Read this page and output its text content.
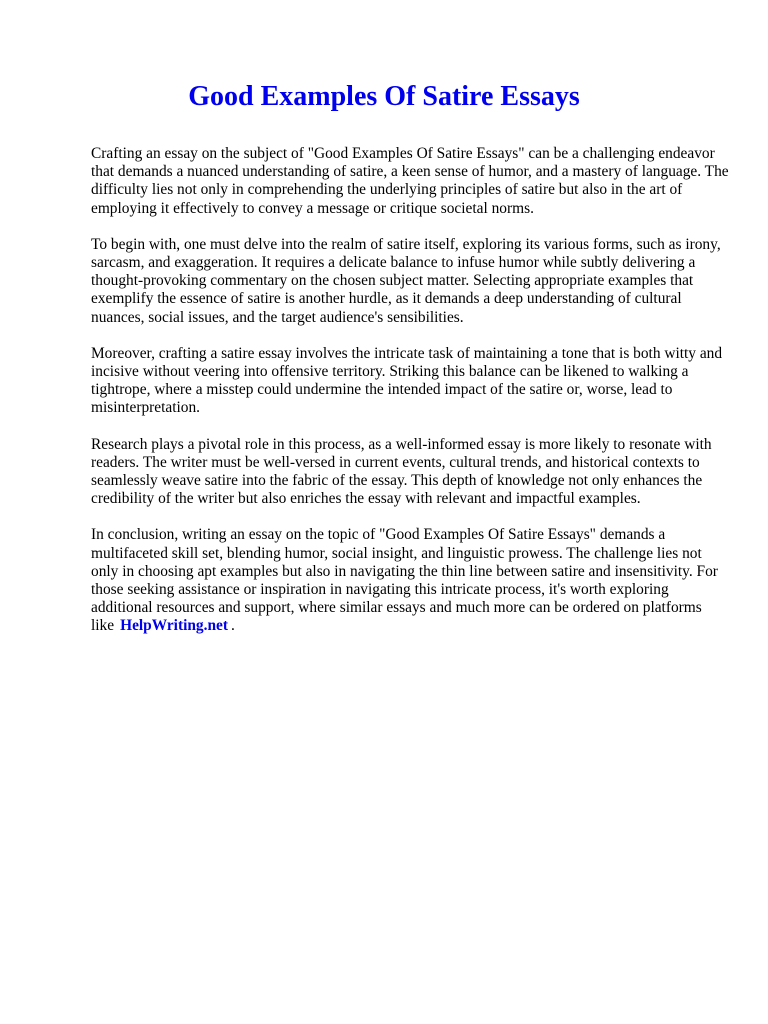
Good Examples Of Satire Essays

Crafting an essay on the subject of "Good Examples Of Satire Essays" can be a challenging endeavor that demands a nuanced understanding of satire, a keen sense of humor, and a mastery of language. The difficulty lies not only in comprehending the underlying principles of satire but also in the art of employing it effectively to convey a message or critique societal norms.

To begin with, one must delve into the realm of satire itself, exploring its various forms, such as irony, sarcasm, and exaggeration. It requires a delicate balance to infuse humor while subtly delivering a thought-provoking commentary on the chosen subject matter. Selecting appropriate examples that exemplify the essence of satire is another hurdle, as it demands a deep understanding of cultural nuances, social issues, and the target audience's sensibilities.

Moreover, crafting a satire essay involves the intricate task of maintaining a tone that is both witty and incisive without veering into offensive territory. Striking this balance can be likened to walking a tightrope, where a misstep could undermine the intended impact of the satire or, worse, lead to misinterpretation.

Research plays a pivotal role in this process, as a well-informed essay is more likely to resonate with readers. The writer must be well-versed in current events, cultural trends, and historical contexts to seamlessly weave satire into the fabric of the essay. This depth of knowledge not only enhances the credibility of the writer but also enriches the essay with relevant and impactful examples.

In conclusion, writing an essay on the topic of "Good Examples Of Satire Essays" demands a multifaceted skill set, blending humor, social insight, and linguistic prowess. The challenge lies not only in choosing apt examples but also in navigating the thin line between satire and insensitivity. For those seeking assistance or inspiration in navigating this intricate process, it's worth exploring additional resources and support, where similar essays and much more can be ordered on platforms like HelpWriting.net .
